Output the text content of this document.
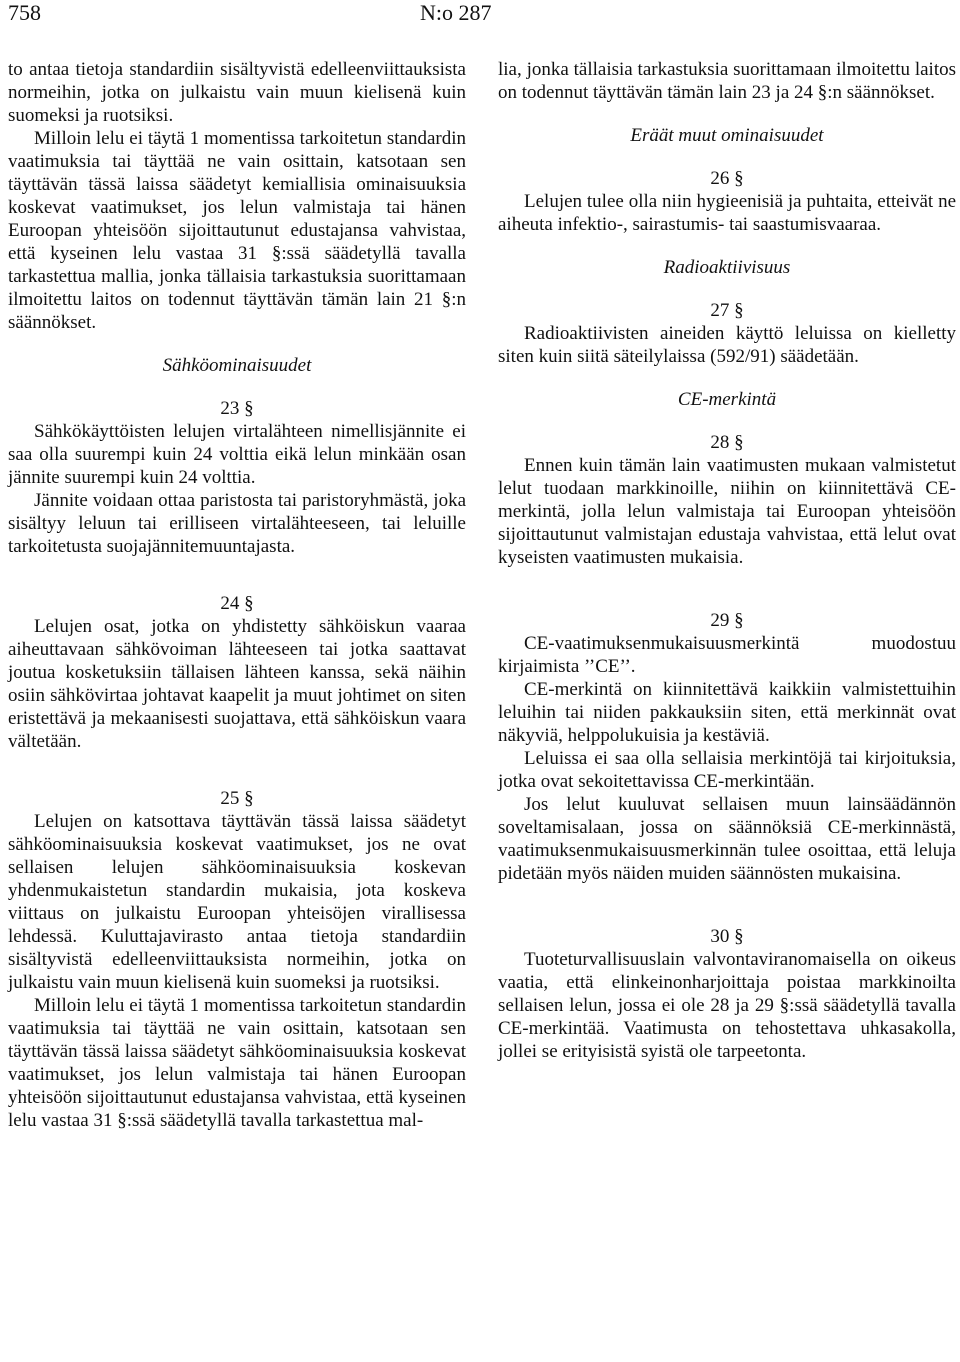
758	N:o 287

to antaa tietoja standardiin sisältyvistä edelleenviittauksista normeihin, jotka on julkaistu vain muun kielisenä kuin suomeksi ja ruotsiksi.

Milloin lelu ei täytä 1 momentissa tarkoitetun standardin vaatimuksia tai täyttää ne vain osittain, katsotaan sen täyttävän tässä laissa säädetyt kemiallisia ominaisuuksia koskevat vaatimukset, jos lelun valmistaja tai hänen Euroopan yhteisöön sijoittautunut edustajansa vahvistaa, että kyseinen lelu vastaa 31 §:ssä säädetyllä tavalla tarkastettua mallia, jonka tällaisia tarkastuksia suorittamaan ilmoitettu laitos on todennut täyttävän tämän lain 21 §:n säännökset.

Sähköominaisuudet

23 §

Sähkökäyttöisten lelujen virtalähteen nimellisjännite ei saa olla suurempi kuin 24 volttia eikä lelun minkään osan jännite suurempi kuin 24 volttia.

Jännite voidaan ottaa paristosta tai paristoryhmästä, joka sisältyy leluun tai erilliseen virtalähteeseen, tai leluille tarkoitetusta suojajännitemuuntajasta.

24 §

Lelujen osat, jotka on yhdistetty sähköiskun vaaraa aiheuttavaan sähkövoiman lähteeseen tai jotka saattavat joutua kosketuksiin tällaisen lähteen kanssa, sekä näihin osiin sähkövirtaa johtavat kaapelit ja muut johtimet on siten eristettävä ja mekaanisesti suojattava, että sähköiskun vaara vältetään.

25 §

Lelujen on katsottava täyttävän tässä laissa säädetyt sähköominaisuuksia koskevat vaatimukset, jos ne ovat sellaisen lelujen sähköominaisuuksia koskevan yhdenmukaistetun standardin mukaisia, jota koskeva viittaus on julkaistu Euroopan yhteisöjen virallisessa lehdessä. Kuluttajavirasto antaa tietoja standardiin sisältyvistä edelleenviittauksista normeihin, jotka on julkaistu vain muun kielisenä kuin suomeksi ja ruotsiksi.

Milloin lelu ei täytä 1 momentissa tarkoitetun standardin vaatimuksia tai täyttää ne vain osittain, katsotaan sen täyttävän tässä laissa säädetyt sähköominaisuuksia koskevat vaatimukset, jos lelun valmistaja tai hänen Euroopan yhteisöön sijoittautunut edustajansa vahvistaa, että kyseinen lelu vastaa 31 §:ssä säädetyllä tavalla tarkastettua mal-

lia, jonka tällaisia tarkastuksia suorittamaan ilmoitettu laitos on todennut täyttävän tämän lain 23 ja 24 §:n säännökset.

Eräät muut ominaisuudet

26 §

Lelujen tulee olla niin hygieenisiä ja puhtaita, etteivät ne aiheuta infektio-, sairastumis- tai saastumisvaaraa.

Radioaktiivisuus

27 §

Radioaktiivisten aineiden käyttö leluissa on kielletty siten kuin siitä säteilylaissa (592/91) säädetään.

CE-merkintä

28 §

Ennen kuin tämän lain vaatimusten mukaan valmistetut lelut tuodaan markkinoille, niihin on kiinnitettävä CE-merkintä, jolla lelun valmistaja tai Euroopan yhteisöön sijoittautunut valmistajan edustaja vahvistaa, että lelut ovat kyseisten vaatimusten mukaisia.

29 §

CE-vaatimuksenmukaisuusmerkintä muodostuu kirjaimista ’’CE’’.

CE-merkintä on kiinnitettävä kaikkiin valmistettuihin leluihin tai niiden pakkauksiin siten, että merkinnät ovat näkyviä, helppolukuisia ja kestäviä.

Leluissa ei saa olla sellaisia merkintöjä tai kirjoituksia, jotka ovat sekoitettavissa CE-merkintään.

Jos lelut kuuluvat sellaisen muun lainsäädännön soveltamisalaan, jossa on säännöksiä CE-merkinnästä, vaatimuksenmukaisuusmerkinnän tulee osoittaa, että leluja pidetään myös näiden muiden säännösten mukaisina.

30 §

Tuoteturvallisuuslain valvontaviranomaisella on oikeus vaatia, että elinkeinonharjoittaja poistaa markkinoilta sellaisen lelun, jossa ei ole 28 ja 29 §:ssä säädetyllä tavalla CE-merkintää. Vaatimusta on tehostettava uhkasakolla, jollei se erityisistä syistä ole tarpeetonta.
